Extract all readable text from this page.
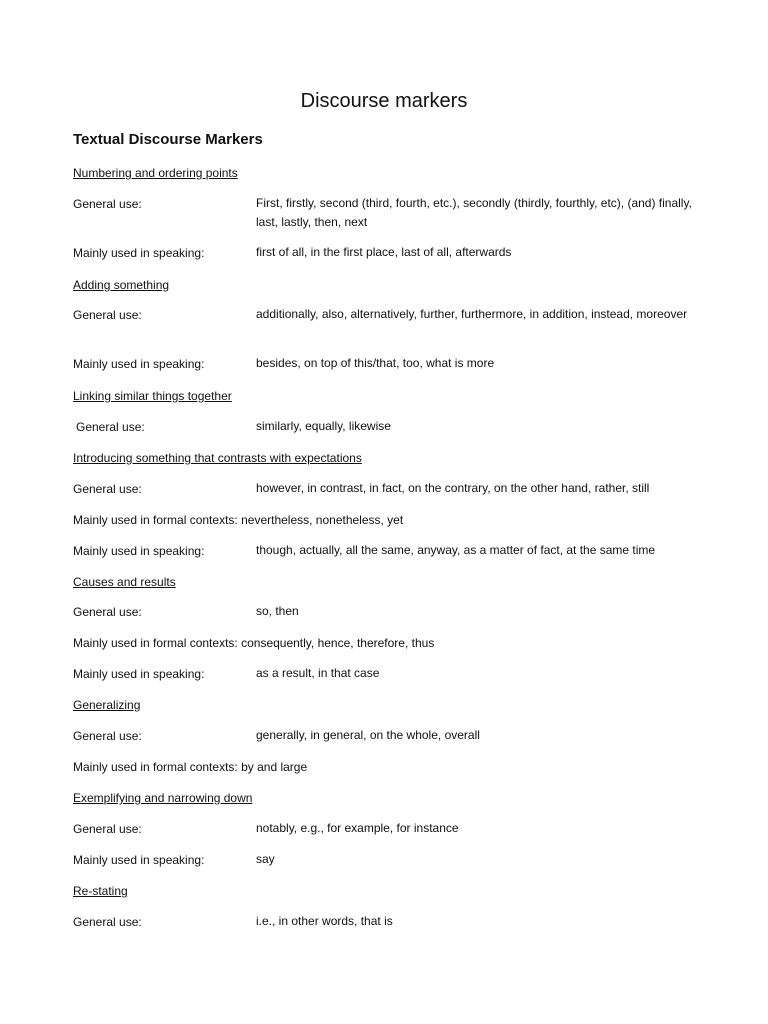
Discourse markers
Textual Discourse Markers
Numbering and ordering points
General use:	First, firstly, second (third, fourth, etc.), secondly (thirdly, fourthly, etc), (and) finally, last, lastly, then, next
Mainly used in speaking:	first of all, in the first place, last of all, afterwards
Adding something
General use:	additionally, also, alternatively, further, furthermore, in addition, instead, moreover
Mainly used in speaking:	besides, on top of this/that, too, what is more
Linking similar things together
General use:	similarly, equally, likewise
Introducing something that contrasts with expectations
General use:	however, in contrast, in fact, on the contrary, on the other hand, rather, still
Mainly used in formal contexts: nevertheless, nonetheless, yet
Mainly used in speaking:	though, actually, all the same, anyway, as a matter of fact, at the same time
Causes and results
General use:	so, then
Mainly used in formal contexts: consequently, hence, therefore, thus
Mainly used in speaking:	as a result, in that case
Generalizing
General use:	generally, in general, on the whole, overall
Mainly used in formal contexts: by and large
Exemplifying and narrowing down
General use:	notably, e.g., for example, for instance
Mainly used in speaking:	say
Re-stating
General use:	i.e., in other words, that is
